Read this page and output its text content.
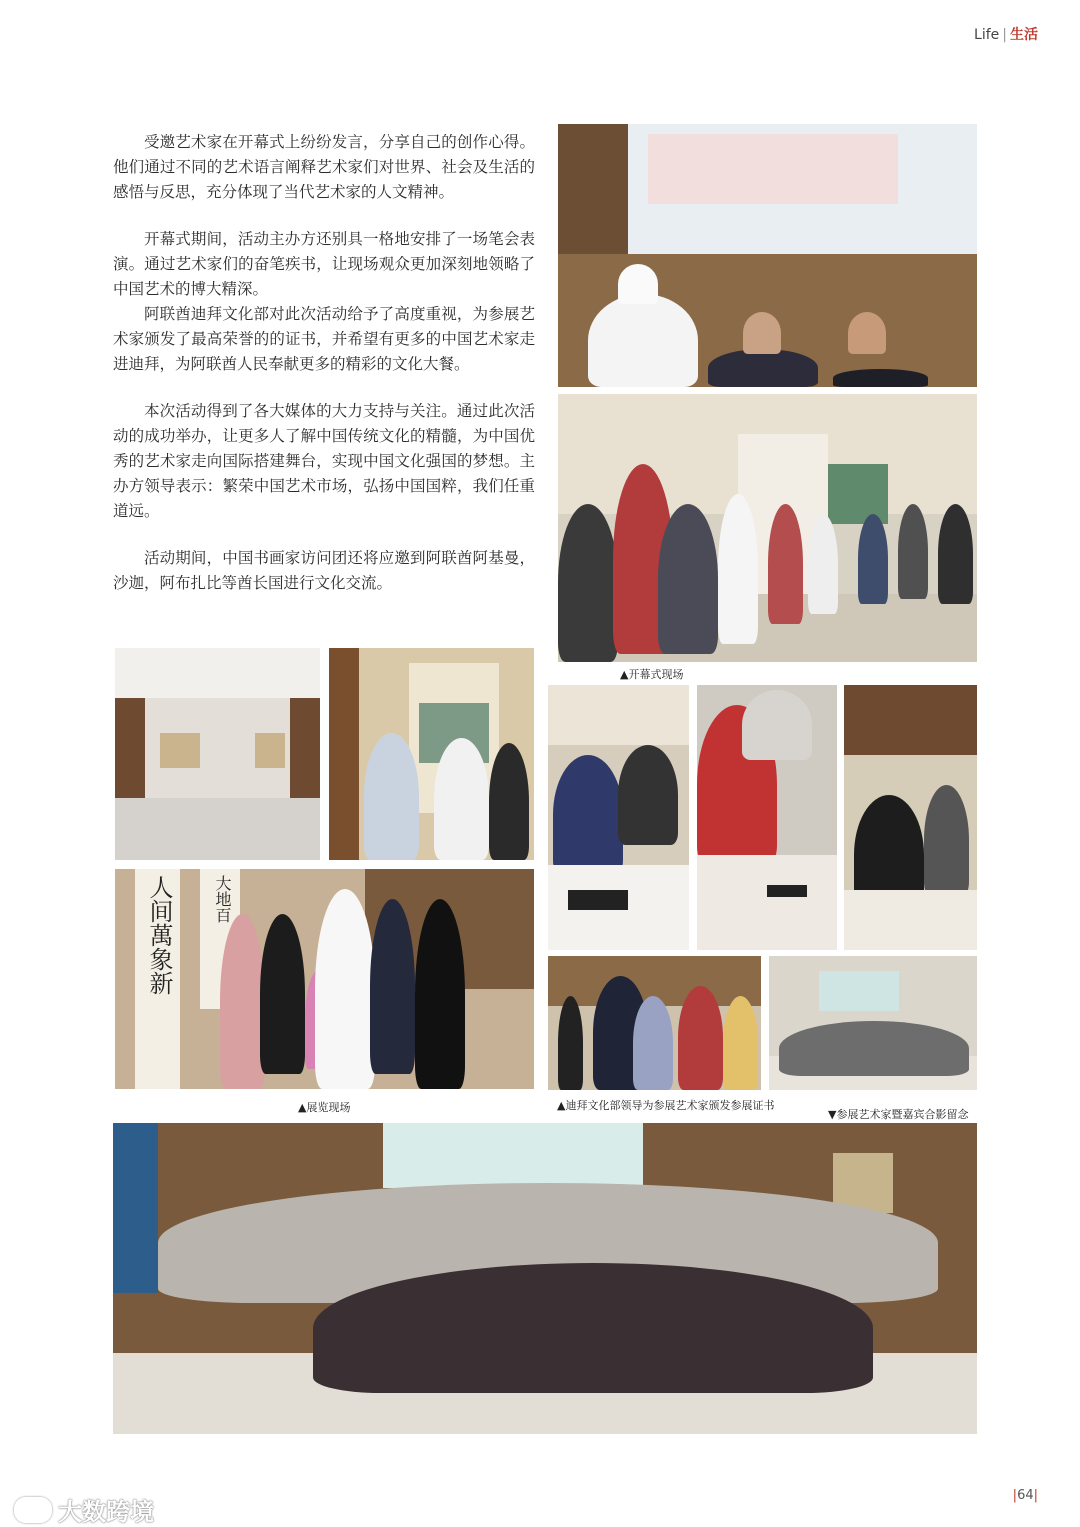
Life | 生活

受邀艺术家在开幕式上纷纷发言，分享自己的创作心得。他们通过不同的艺术语言阐释艺术家们对世界、社会及生活的感悟与反思，充分体现了当代艺术家的人文精神。

开幕式期间，活动主办方还别具一格地安排了一场笔会表演。通过艺术家们的奋笔疾书，让现场观众更加深刻地领略了中国艺术的博大精深。

阿联酋迪拜文化部对此次活动给予了高度重视，为参展艺术家颁发了最高荣誉的的证书，并希望有更多的中国艺术家走进迪拜，为阿联酋人民奉献更多的精彩的文化大餐。

本次活动得到了各大媒体的大力支持与关注。通过此次活动的成功举办，让更多人了解中国传统文化的精髓，为中国优秀的艺术家走向国际搭建舞台，实现中国文化强国的梦想。主办方领导表示：繁荣中国艺术市场，弘扬中国国粹，我们任重道远。

活动期间，中国书画家访问团还将应邀到阿联酋阿基曼，沙迦，阿布扎比等酋长国进行文化交流。

▲开幕式现场
人间萬象新	大地百
▲展览现场	▲迪拜文化部领导为参展艺术家颁发参展证书
▼参展艺术家暨嘉宾合影留念
|64|
大数跨境
